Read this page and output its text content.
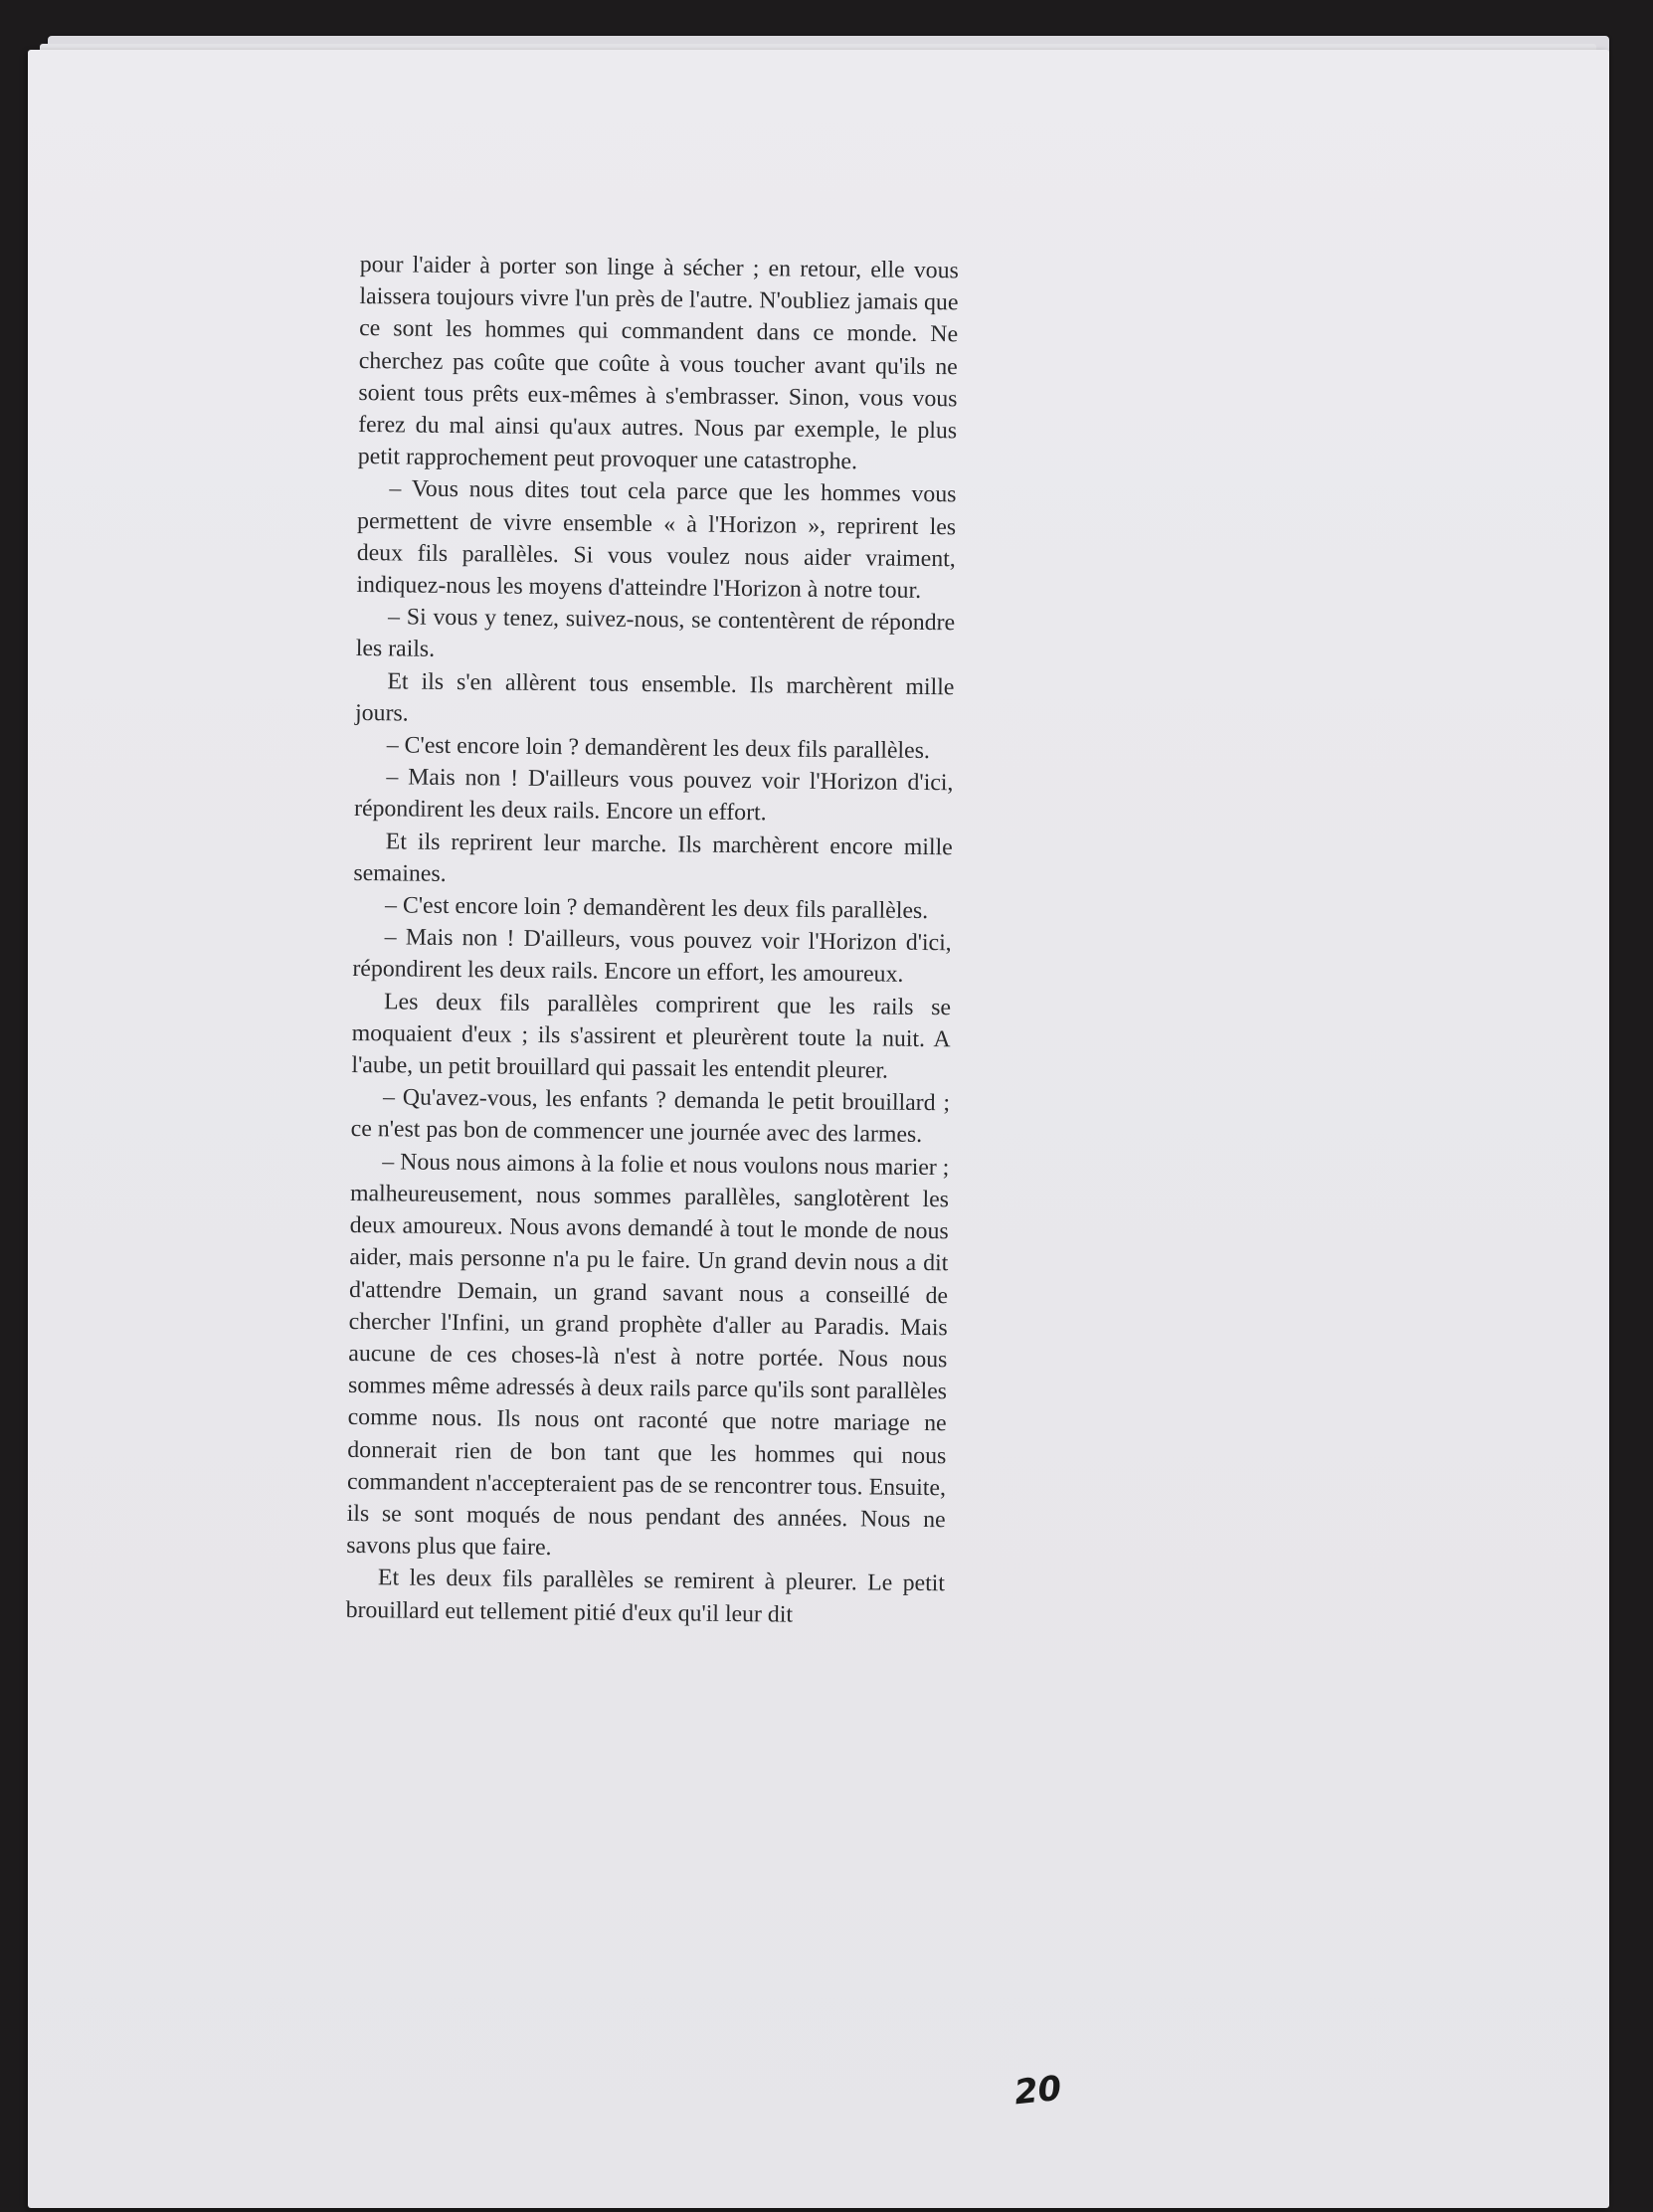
pour l'aider à porter son linge à sécher ; en retour, elle vous laissera toujours vivre l'un près de l'autre. N'oubliez jamais que ce sont les hommes qui commandent dans ce monde. Ne cherchez pas coûte que coûte à vous toucher avant qu'ils ne soient tous prêts eux-mêmes à s'embrasser. Sinon, vous vous ferez du mal ainsi qu'aux autres. Nous par exemple, le plus petit rapprochement peut provoquer une catastrophe.

– Vous nous dites tout cela parce que les hommes vous permettent de vivre ensemble « à l'Horizon », reprirent les deux fils parallèles. Si vous voulez nous aider vraiment, indiquez-nous les moyens d'atteindre l'Horizon à notre tour.

– Si vous y tenez, suivez-nous, se contentèrent de répondre les rails.

Et ils s'en allèrent tous ensemble. Ils marchèrent mille jours.

– C'est encore loin ? demandèrent les deux fils parallèles.

– Mais non ! D'ailleurs vous pouvez voir l'Horizon d'ici, répondirent les deux rails. Encore un effort.

Et ils reprirent leur marche. Ils marchèrent encore mille semaines.

– C'est encore loin ? demandèrent les deux fils parallèles.

– Mais non ! D'ailleurs, vous pouvez voir l'Horizon d'ici, répondirent les deux rails. Encore un effort, les amoureux.

Les deux fils parallèles comprirent que les rails se moquaient d'eux ; ils s'assirent et pleurèrent toute la nuit. A l'aube, un petit brouillard qui passait les entendit pleurer.

– Qu'avez-vous, les enfants ? demanda le petit brouillard ; ce n'est pas bon de commencer une journée avec des larmes.

– Nous nous aimons à la folie et nous voulons nous marier ; malheureusement, nous sommes parallèles, sanglotèrent les deux amoureux. Nous avons demandé à tout le monde de nous aider, mais personne n'a pu le faire. Un grand devin nous a dit d'attendre Demain, un grand savant nous a conseillé de chercher l'Infini, un grand prophète d'aller au Paradis. Mais aucune de ces choses-là n'est à notre portée. Nous nous sommes même adressés à deux rails parce qu'ils sont parallèles comme nous. Ils nous ont raconté que notre mariage ne donnerait rien de bon tant que les hommes qui nous commandent n'accepteraient pas de se rencontrer tous. Ensuite, ils se sont moqués de nous pendant des années. Nous ne savons plus que faire.

Et les deux fils parallèles se remirent à pleurer. Le petit brouillard eut tellement pitié d'eux qu'il leur dit

20
